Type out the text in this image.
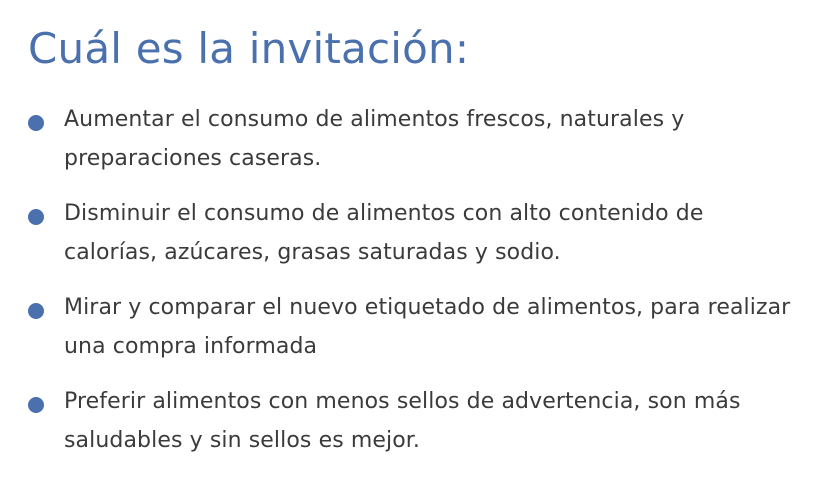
Cuál es la invitación:
Aumentar el consumo de alimentos frescos, naturales y preparaciones caseras.
Disminuir el consumo de alimentos con alto contenido de calorías, azúcares, grasas saturadas y sodio.
Mirar y comparar el nuevo etiquetado de alimentos, para realizar una compra informada
Preferir alimentos con menos sellos de advertencia, son más saludables y sin sellos es mejor.
